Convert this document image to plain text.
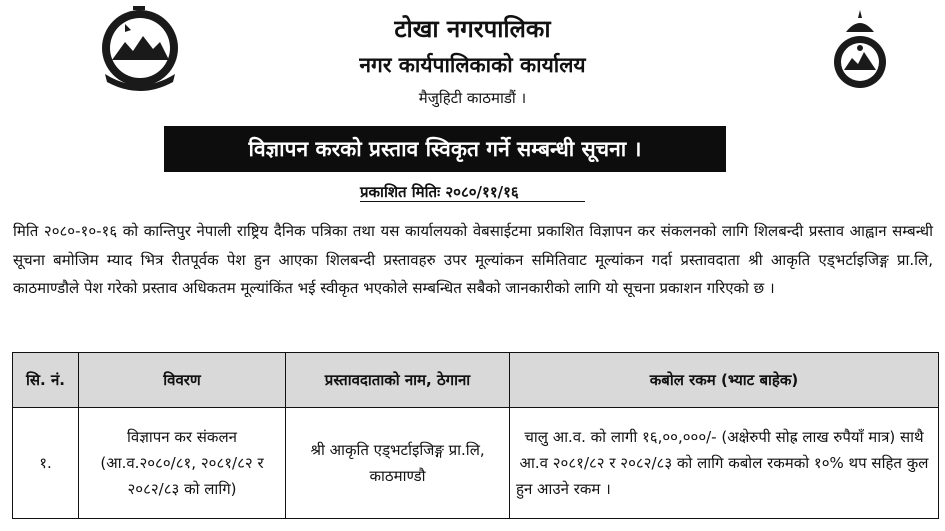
टोखा नगरपालिका
नगर कार्यपालिकाको कार्यालय
मैजुहिटी काठमाडौं ।
विज्ञापन करको प्रस्ताव स्विकृत गर्ने सम्बन्धी सूचना ।
प्रकाशित मितिः २०८०/११/१६
मिति २०८०-१०-१६ को कान्तिपुर नेपाली राष्ट्रिय दैनिक पत्रिका तथा यस कार्यालयको वेबसाईटमा प्रकाशित विज्ञापन कर संकलनको लागि शिलबन्दी प्रस्ताव आह्वान सम्बन्धी सूचना बमोजिम म्याद भित्र रीतपूर्वक पेश हुन आएका शिलबन्दी प्रस्तावहरु उपर मूल्यांकन समितिवाट मूल्यांकन गर्दा प्रस्तावदाता श्री आकृति एड्भर्टाइजिङ्ग प्रा.लि, काठमाण्डौले पेश गरेको प्रस्ताव अधिकतम मूल्यांकिंत भई स्वीकृत भएकोले सम्बन्धित सबैको जानकारीको लागि यो सूचना प्रकाशन गरिएको छ ।
सि. नं.	विवरण	प्रस्तावदाताको नाम, ठेगाना	कबोल रकम (भ्याट बाहेक)
१.	विज्ञापन कर संकलन (आ.व.२०८०/८१, २०८१/८२ र २०८२/८३ को लागि)	श्री आकृति एड्भर्टाइजिङ्ग प्रा.लि, काठमाण्डौ	चालु आ.व. को लागी १६,००,०००/- (अक्षेरुपी सोह्र लाख रुपैयाँ मात्र) साथै आ.व २०८१/८२ र २०८२/८३ को लागि कबोल रकमको १०% थप सहित कुल हुन आउने रकम ।
